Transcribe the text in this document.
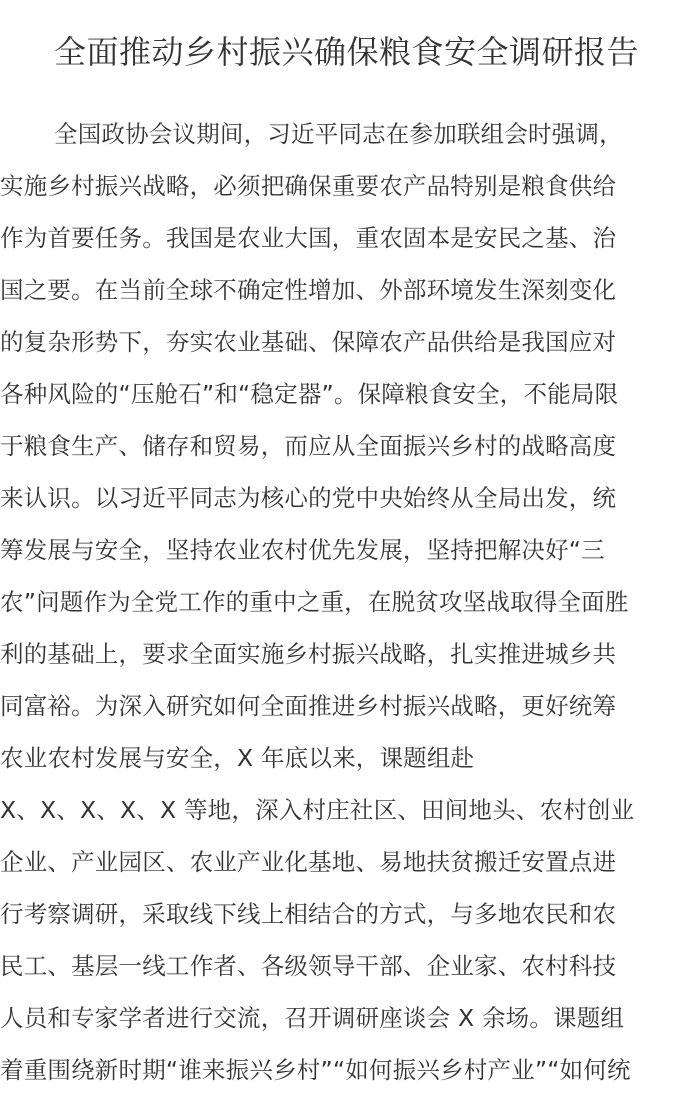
全面推动乡村振兴确保粮食安全调研报告
全国政协会议期间，习近平同志在参加联组会时强调，
实施乡村振兴战略，必须把确保重要农产品特别是粮食供给
作为首要任务。我国是农业大国，重农固本是安民之基、治
国之要。在当前全球不确定性增加、外部环境发生深刻变化
的复杂形势下，夯实农业基础、保障农产品供给是我国应对
各种风险的“压舱石”和“稳定器”。保障粮食安全，不能局限
于粮食生产、储存和贸易，而应从全面振兴乡村的战略高度
来认识。以习近平同志为核心的党中央始终从全局出发，统
筹发展与安全，坚持农业农村优先发展，坚持把解决好“三
农”问题作为全党工作的重中之重，在脱贫攻坚战取得全面胜
利的基础上，要求全面实施乡村振兴战略，扎实推进城乡共
同富裕。为深入研究如何全面推进乡村振兴战略，更好统筹
农业农村发展与安全，X 年底以来，课题组赴
X、X、X、X、X 等地，深入村庄社区、田间地头、农村创业
企业、产业园区、农业产业化基地、易地扶贫搬迁安置点进
行考察调研，采取线下线上相结合的方式，与多地农民和农
民工、基层一线工作者、各级领导干部、企业家、农村科技
人员和专家学者进行交流，召开调研座谈会 X 余场。课题组
着重围绕新时期“谁来振兴乡村”“如何振兴乡村产业”“如何统
